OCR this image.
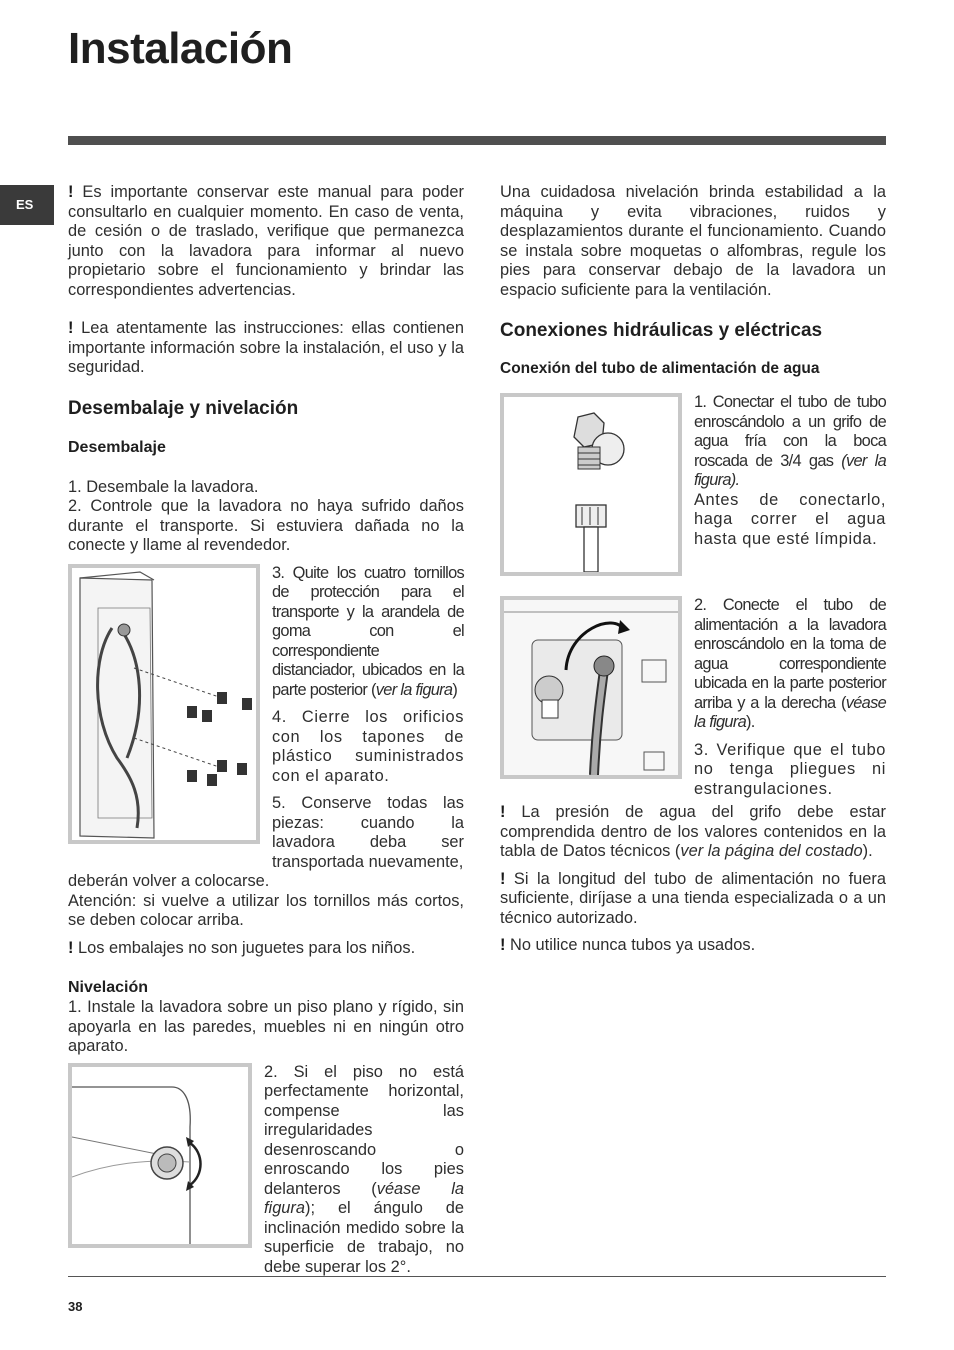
Instalación
ES

! Es importante conservar este manual para poder consultarlo en cualquier momento. En caso de venta, de cesión o de traslado, verifique que permanezca junto con la lavadora para informar al nuevo propietario sobre el funcionamiento y brindar las correspondientes advertencias.

! Lea atentamente las instrucciones: ellas contienen importante información sobre la instalación, el uso y la seguridad.

Desembalaje y nivelación
Desembalaje

1. Desembale la lavadora.

2. Controle que la lavadora no haya sufrido daños durante el transporte. Si estuviera dañada no la conecte y llame al revendedor.

3. Quite los cuatro tornillos de protección para el transporte y la arandela de goma con el correspondiente distanciador, ubicados en la parte posterior (ver la figura)

4. Cierre los orificios con los tapones de plástico suministrados con el aparato.

5. Conserve todas las piezas: cuando la lavadora deba ser transportada nuevamente,

deberán volver a colocarse.

Atención: si vuelve a utilizar los tornillos más cortos, se deben colocar arriba.

! Los embalajes no son juguetes para los niños.

Nivelación

1. Instale la lavadora sobre un piso plano y rígido, sin apoyarla en las paredes, muebles ni en ningún otro aparato.

2. Si el piso no está perfectamente horizontal, compense las irregularidades desenroscando o enroscando los pies delanteros (véase la figura); el ángulo de inclinación medido sobre la superficie de trabajo, no debe superar los 2°.

Una cuidadosa nivelación brinda estabilidad a la máquina y evita vibraciones, ruidos y desplazamientos durante el funcionamiento. Cuando se instala sobre moquetas o alfombras, regule los pies para conservar debajo de la lavadora un espacio suficiente para la ventilación.

Conexiones hidráulicas y eléctricas
Conexión del tubo de alimentación de agua

1. Conectar el tubo de tubo enroscándolo a un grifo de agua fría con la boca roscada de 3/4 gas (ver la figura).

Antes de conectarlo, haga correr el agua hasta que esté límpida.

2. Conecte el tubo de alimentación a la lavadora enroscándolo en la toma de agua correspondiente ubicada en la parte posterior arriba y a la derecha (véase la figura).

3. Verifique que el tubo no tenga pliegues ni estrangulaciones.

! La presión de agua del grifo debe estar comprendida dentro de los valores contenidos en la tabla de Datos técnicos (ver la página del costado).

! Si la longitud del tubo de alimentación no fuera suficiente, diríjase a una tienda especializada o a un técnico autorizado.

! No utilice nunca tubos ya usados.

38
